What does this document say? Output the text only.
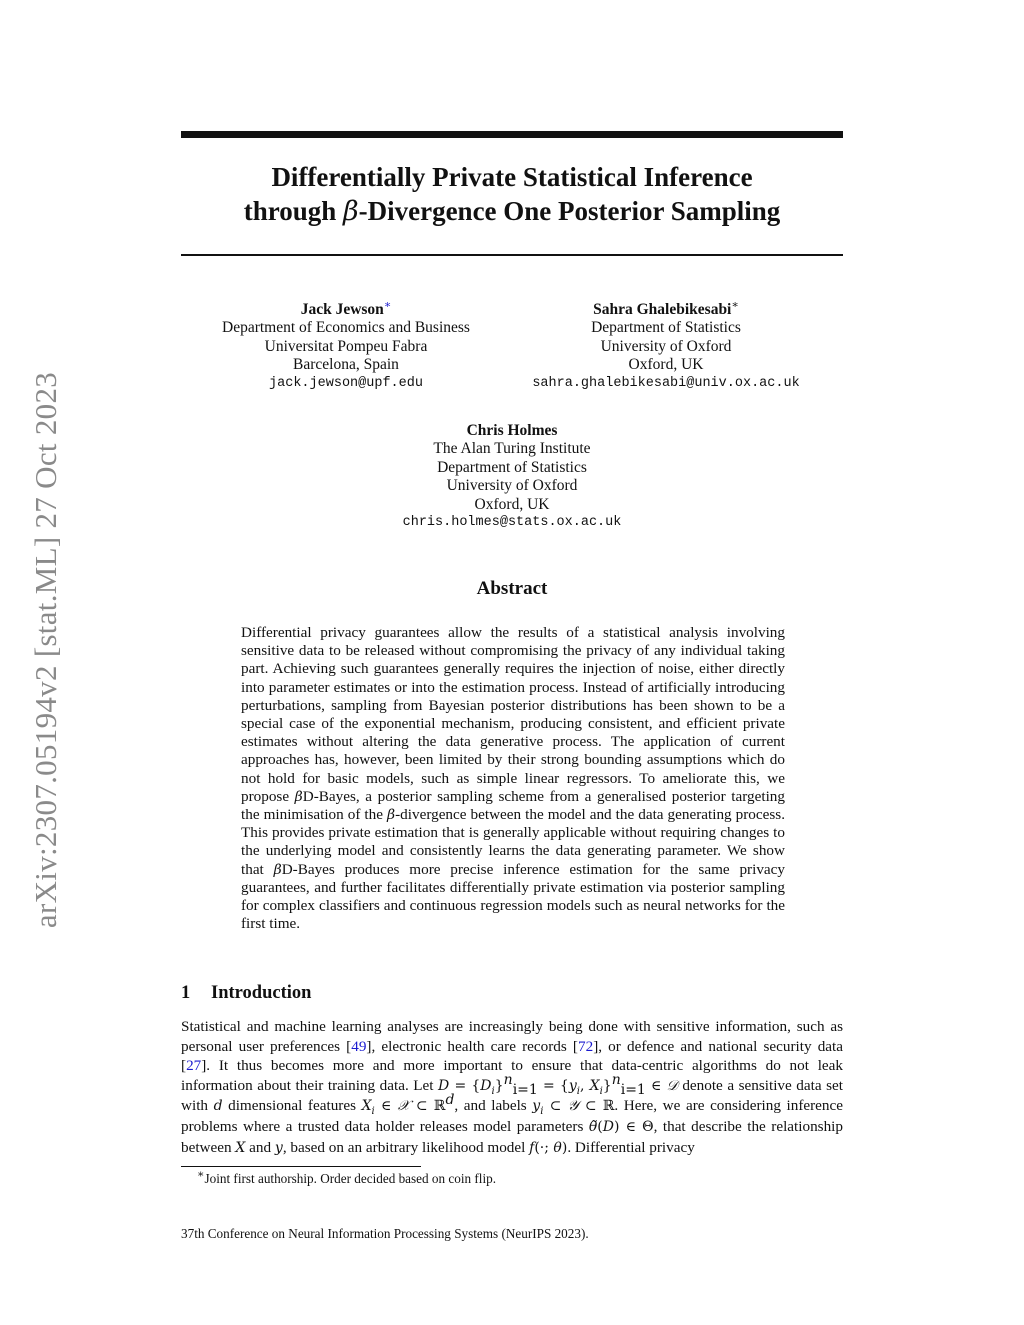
arXiv:2307.05194v2 [stat.ML] 27 Oct 2023
Differentially Private Statistical Inference
through β-Divergence One Posterior Sampling
Jack Jewson∗
Department of Economics and Business
Universitat Pompeu Fabra
Barcelona, Spain
jack.jewson@upf.edu
Sahra Ghalebikesabi∗
Department of Statistics
University of Oxford
Oxford, UK
sahra.ghalebikesabi@univ.ox.ac.uk
Chris Holmes
The Alan Turing Institute
Department of Statistics
University of Oxford
Oxford, UK
chris.holmes@stats.ox.ac.uk
Abstract
Differential privacy guarantees allow the results of a statistical analysis involving sensitive data to be released without compromising the privacy of any individual taking part. Achieving such guarantees generally requires the injection of noise, either directly into parameter estimates or into the estimation process. Instead of artificially introducing perturbations, sampling from Bayesian posterior distributions has been shown to be a special case of the exponential mechanism, producing consistent, and efficient private estimates without altering the data generative process. The application of current approaches has, however, been limited by their strong bounding assumptions which do not hold for basic models, such as simple linear regressors. To ameliorate this, we propose βD-Bayes, a posterior sampling scheme from a generalised posterior targeting the minimisation of the β-divergence between the model and the data generating process. This provides private estimation that is generally applicable without requiring changes to the underlying model and consistently learns the data generating parameter. We show that βD-Bayes produces more precise inference estimation for the same privacy guarantees, and further facilitates differentially private estimation via posterior sampling for complex classifiers and continuous regression models such as neural networks for the first time.
1 Introduction
Statistical and machine learning analyses are increasingly being done with sensitive information, such as personal user preferences [49], electronic health care records [72], or defence and national security data [27]. It thus becomes more and more important to ensure that data-centric algorithms do not leak information about their training data. Let $D = \{D_i\}^n_{i=1} = \{y_i$, $X_i\}^n_{i=1}$ ∈ 𝒟 denote a sensitive data set with d dimensional features $X_i$ ∈ 𝒳 ⊂ ℝ$^d$, and labels $y_i$ ⊂ 𝒴 ⊂ ℝ. Here, we are considering inference problems where a trusted data holder releases model parameters θ̃(D) ∈ Θ, that describe the relationship between X and y, based on an arbitrary likelihood model f(·; θ). Differential privacy
∗Joint first authorship. Order decided based on coin flip.
37th Conference on Neural Information Processing Systems (NeurIPS 2023).
